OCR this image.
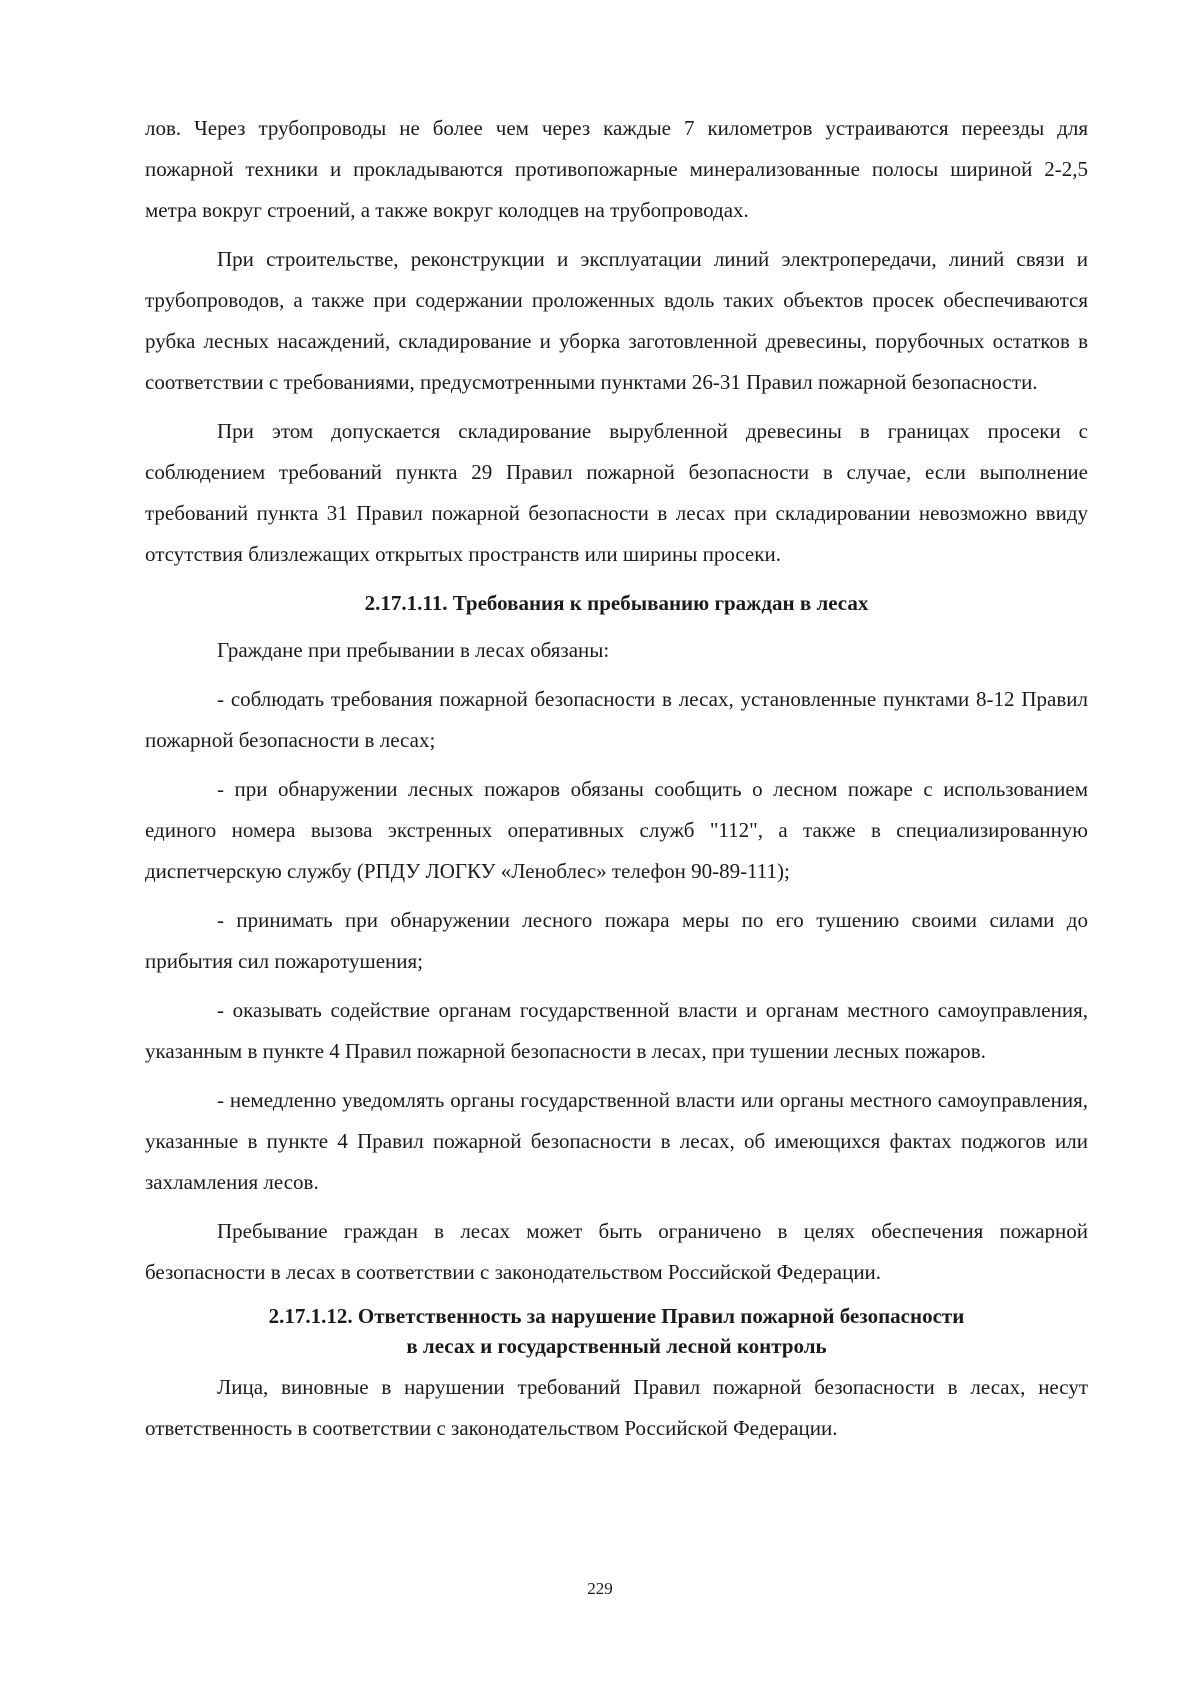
лов. Через трубопроводы не более чем через каждые 7 километров устраиваются переезды для пожарной техники и прокладываются противопожарные минерализованные полосы шириной 2-2,5 метра вокруг строений, а также вокруг колодцев на трубопроводах.

При строительстве, реконструкции и эксплуатации линий электропередачи, линий связи и трубопроводов, а также при содержании проложенных вдоль таких объектов просек обеспечиваются рубка лесных насаждений, складирование и уборка заготовленной древесины, порубочных остатков в соответствии с требованиями, предусмотренными пунктами 26-31 Правил пожарной безопасности.

При этом допускается складирование вырубленной древесины в границах просеки с соблюдением требований пункта 29 Правил пожарной безопасности в случае, если выполнение требований пункта 31 Правил пожарной безопасности в лесах при складировании невозможно ввиду отсутствия близлежащих открытых пространств или ширины просеки.

2.17.1.11. Требования к пребыванию граждан в лесах

Граждане при пребывании в лесах обязаны:

- соблюдать требования пожарной безопасности в лесах, установленные пунктами 8-12 Правил пожарной безопасности в лесах;

- при обнаружении лесных пожаров обязаны сообщить о лесном пожаре с использованием единого номера вызова экстренных оперативных служб "112", а также в специализированную диспетчерскую службу (РПДУ ЛОГКУ «Леноблес» телефон 90-89-111);

- принимать при обнаружении лесного пожара меры по его тушению своими силами до прибытия сил пожаротушения;

- оказывать содействие органам государственной власти и органам местного самоуправления, указанным в пункте 4 Правил пожарной безопасности в лесах, при тушении лесных пожаров.

- немедленно уведомлять органы государственной власти или органы местного самоуправления, указанные в пункте 4 Правил пожарной безопасности в лесах, об имеющихся фактах поджогов или захламления лесов.

Пребывание граждан в лесах может быть ограничено в целях обеспечения пожарной безопасности в лесах в соответствии с законодательством Российской Федерации.

2.17.1.12. Ответственность за нарушение Правил пожарной безопасности
в лесах и государственный лесной контроль

Лица, виновные в нарушении требований Правил пожарной безопасности в лесах, несут ответственность в соответствии с законодательством Российской Федерации.

229
